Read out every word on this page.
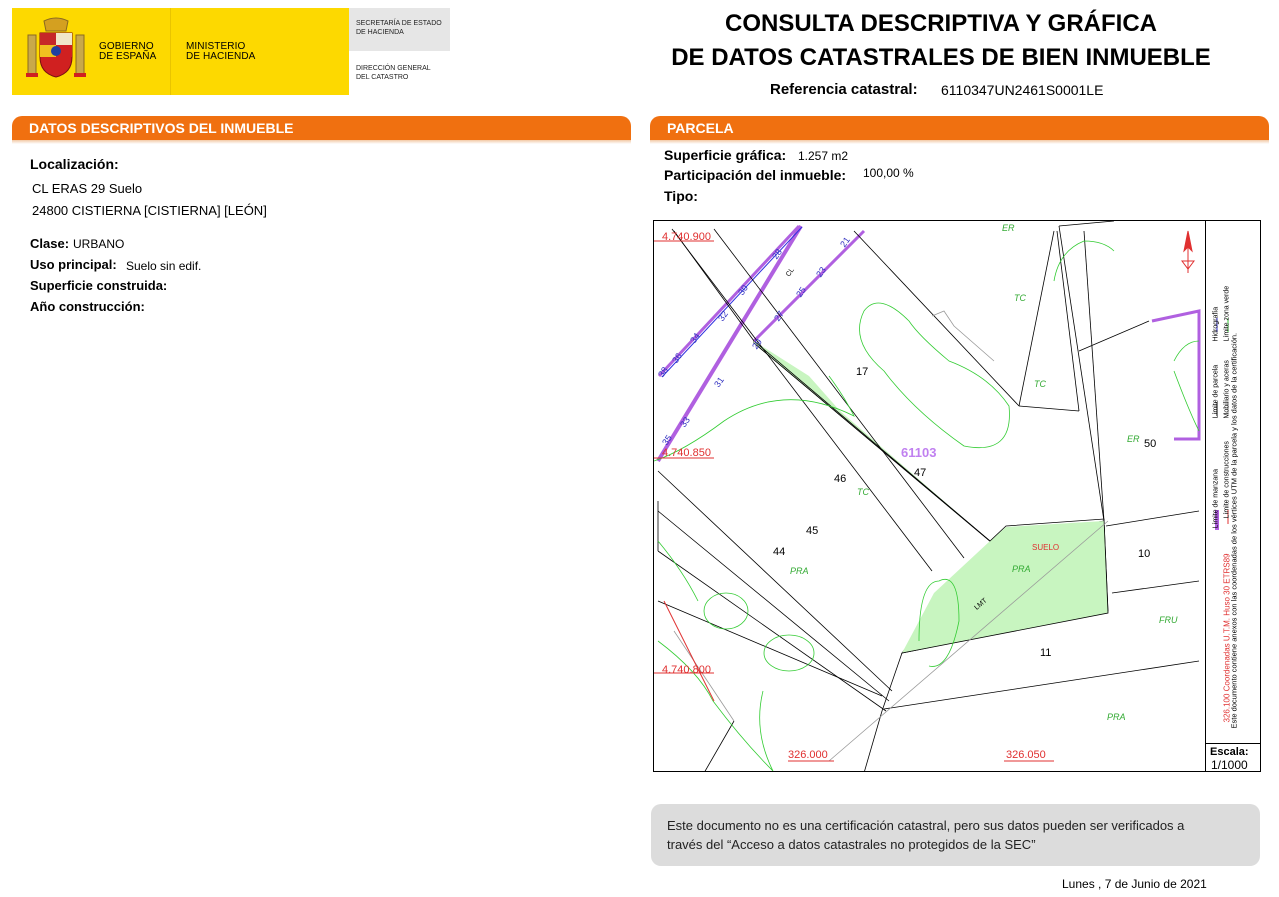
GOBIERNO
DE ESPAÑA
MINISTERIO
DE HACIENDA
SECRETARÍA DE ESTADO
DE HACIENDA
DIRECCIÓN GENERAL
DEL CATASTRO
CONSULTA DESCRIPTIVA Y GRÁFICA
DE DATOS CATASTRALES DE BIEN INMUEBLE
Referencia catastral: 6110347UN2461S0001LE
DATOS DESCRIPTIVOS DEL INMUEBLE
Localización:
CL ERAS 29 Suelo
24800 CISTIERNA [CISTIERNA] [LEÓN]
Clase: URBANO
Uso principal: Suelo sin edif.
Superficie construida:
Año construcción:
PARCELA
Superficie gráfica: 1.257 m2
Participación del inmueble: 100,00 %
Tipo:
4.740.900
4.740.850
4.740.800
326.000	326.050
61103
17
46	47
45
44
50
10
11
ER
TC
TC
ER
TC
PRA	PRA
FRU
PRA
SUELO
LMT
CL
28
30
32
34
36
38
31
33
35
21
23
25
27
29
Límite de manzana
Límite de parcela
Hidrografía
Límite de construcciones
Mobiliario y aceras
Límite zona verde
326.100 Coordenadas U.T.M. Huso 30 ETRS89
Este documento contiene anexos con las coordenadas de los vértices UTM de la parcela y los datos de la certificación.
Escala:
1/1000
Este documento no es una certificación catastral, pero sus datos pueden ser verificados a
través del “Acceso a datos catastrales no protegidos de la SEC”
Lunes , 7 de Junio de 2021
